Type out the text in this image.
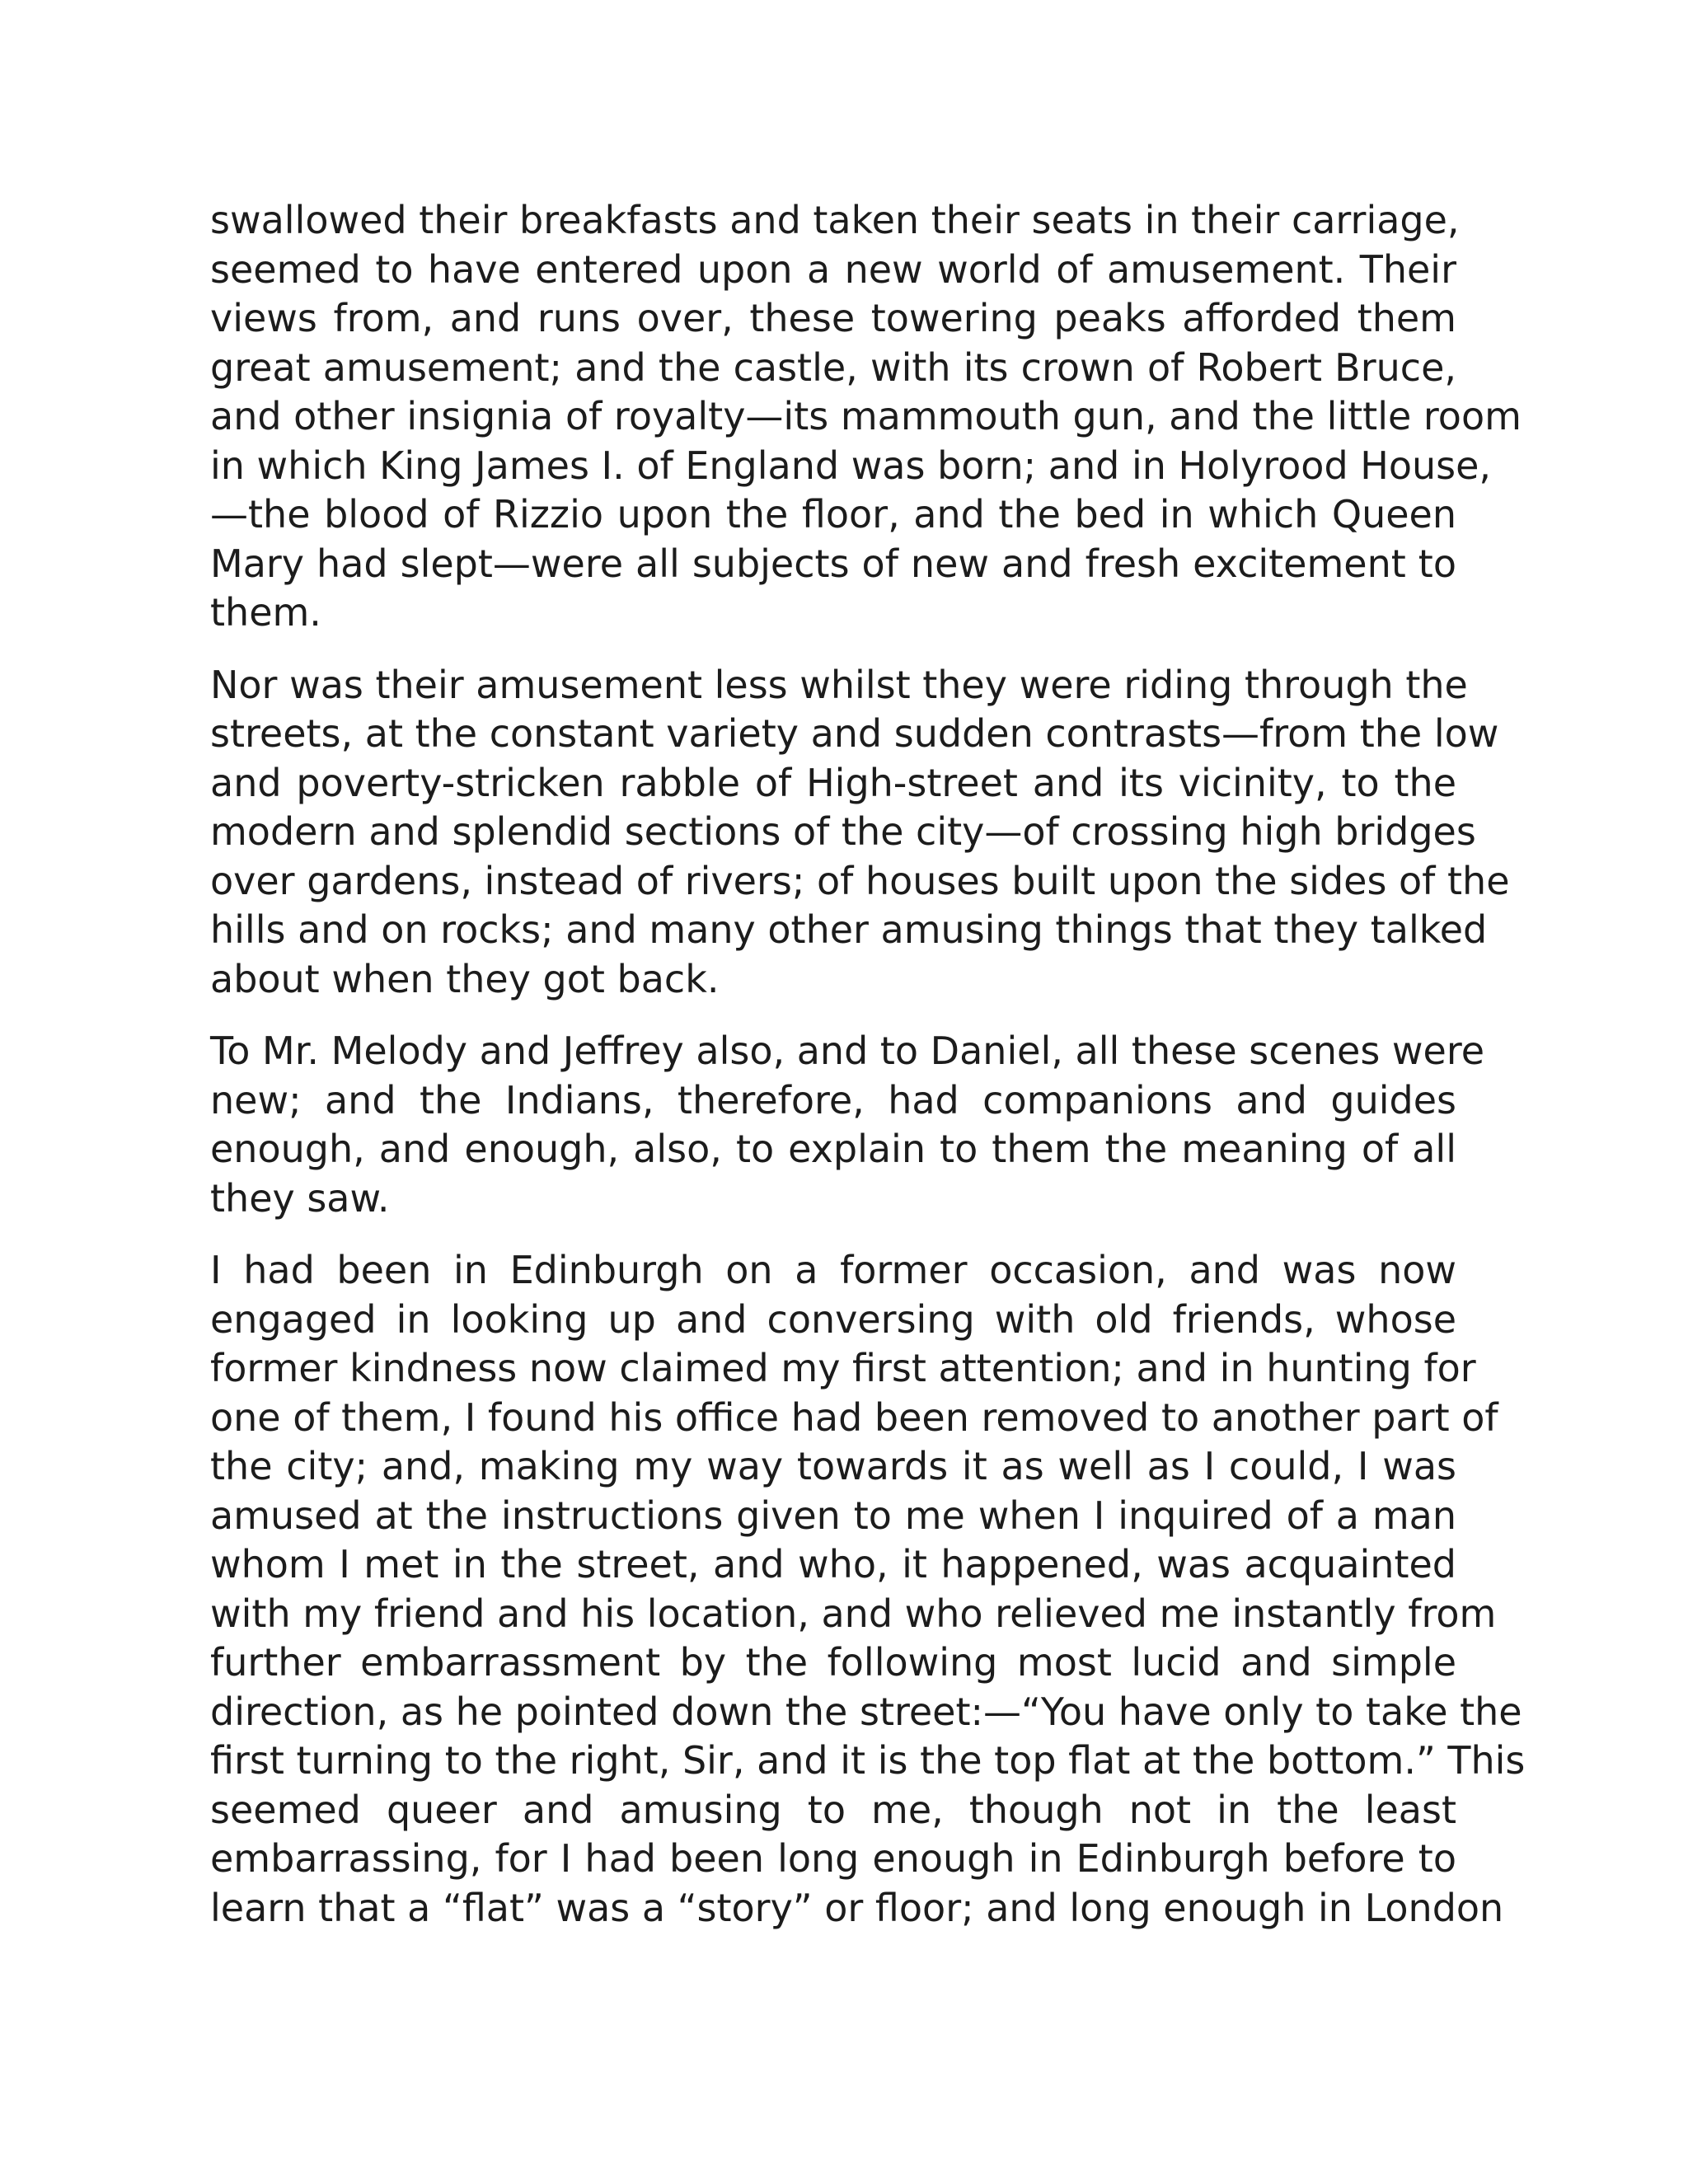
swallowed their breakfasts and taken their seats in their carriage,
seemed to have entered upon a new world of amusement. Their
views from, and runs over, these towering peaks afforded them
great amusement; and the castle, with its crown of Robert Bruce,
and other insignia of royalty—its mammouth gun, and the little room
in which King James I. of England was born; and in Holyrood House,
—the blood of Rizzio upon the floor, and the bed in which Queen
Mary had slept—were all subjects of new and fresh excitement to
them.

Nor was their amusement less whilst they were riding through the
streets, at the constant variety and sudden contrasts—from the low
and poverty-stricken rabble of High-street and its vicinity, to the
modern and splendid sections of the city—of crossing high bridges
over gardens, instead of rivers; of houses built upon the sides of the
hills and on rocks; and many other amusing things that they talked
about when they got back.

To Mr. Melody and Jeffrey also, and to Daniel, all these scenes were
new; and the Indians, therefore, had companions and guides
enough, and enough, also, to explain to them the meaning of all
they saw.

I had been in Edinburgh on a former occasion, and was now
engaged in looking up and conversing with old friends, whose
former kindness now claimed my first attention; and in hunting for
one of them, I found his office had been removed to another part of
the city; and, making my way towards it as well as I could, I was
amused at the instructions given to me when I inquired of a man
whom I met in the street, and who, it happened, was acquainted
with my friend and his location, and who relieved me instantly from
further embarrassment by the following most lucid and simple
direction, as he pointed down the street:—“You have only to take the
first turning to the right, Sir, and it is the top flat at the bottom.” This
seemed queer and amusing to me, though not in the least
embarrassing, for I had been long enough in Edinburgh before to
learn that a “flat” was a “story” or floor; and long enough in London
